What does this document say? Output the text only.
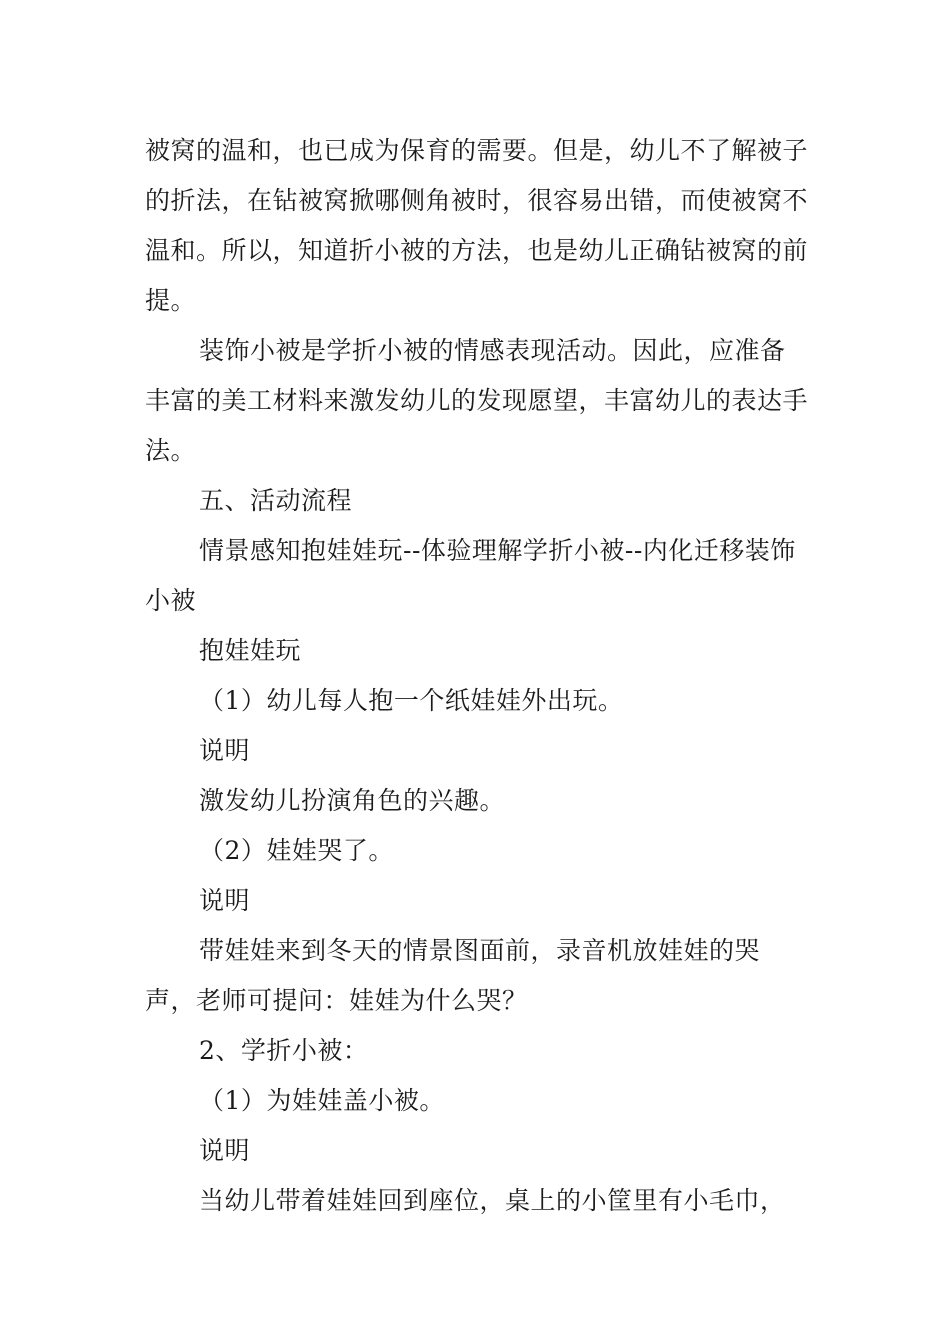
被窝的温和，也已成为保育的需要。但是，幼儿不了解被子的折法，在钻被窝掀哪侧角被时，很容易出错，而使被窝不温和。所以，知道折小被的方法，也是幼儿正确钻被窝的前提。

装饰小被是学折小被的情感表现活动。因此，应准备丰富的美工材料来激发幼儿的发现愿望，丰富幼儿的表达手法。

五、活动流程

情景感知抱娃娃玩--体验理解学折小被--内化迁移装饰小被

抱娃娃玩

（1）幼儿每人抱一个纸娃娃外出玩。

说明

激发幼儿扮演角色的兴趣。

（2）娃娃哭了。

说明

带娃娃来到冬天的情景图面前，录音机放娃娃的哭声，老师可提问：娃娃为什么哭？

2、学折小被：

（1）为娃娃盖小被。

说明

当幼儿带着娃娃回到座位，桌上的小筐里有小毛巾，
